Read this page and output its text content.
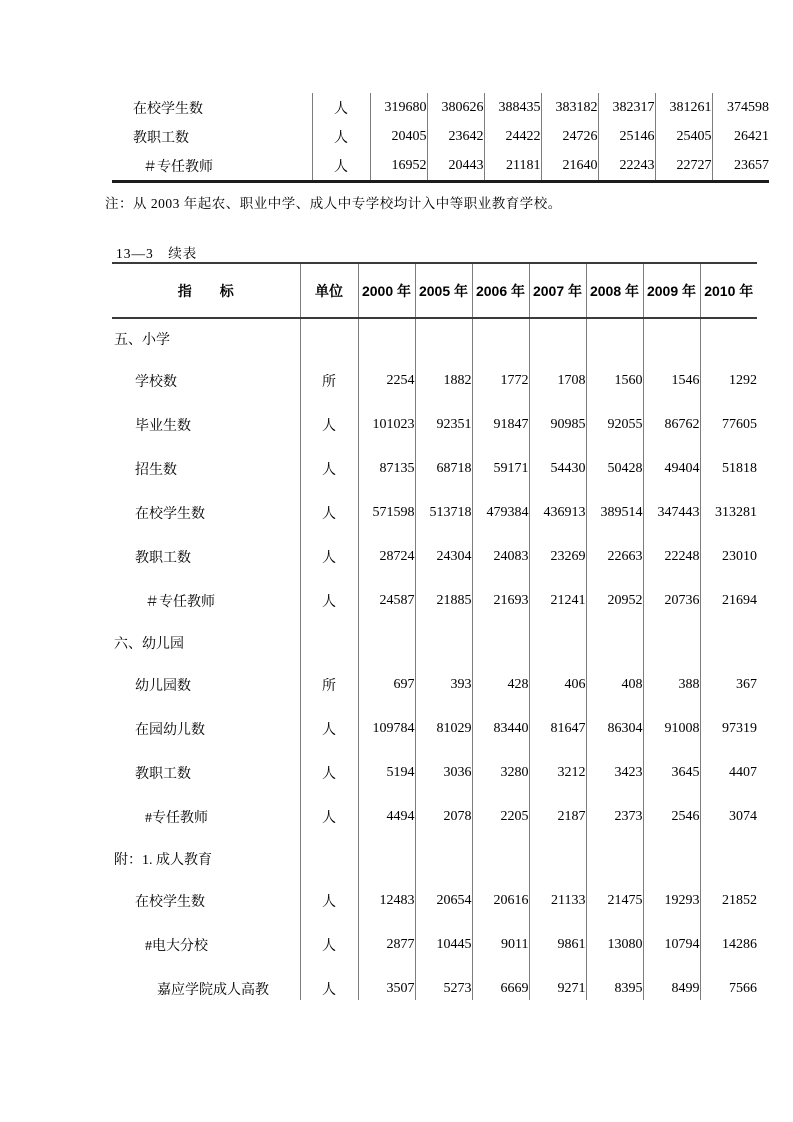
在校学生数	人	319680	380626	388435	383182	382317	381261	374598
教职工数	人	20405	23642	24422	24726	25146	25405	26421
＃专任教师	人	16952	20443	21181	21640	22243	22727	23657
注：从 2003 年起农、职业中学、成人中专学校均计入中等职业教育学校。
13—3　续表
指　　标	单位	2000 年	2005 年	2006 年	2007 年	2008 年	2009 年	2010 年
五、小学								
学校数	所	2254	1882	1772	1708	1560	1546	1292
毕业生数	人	101023	92351	91847	90985	92055	86762	77605
招生数	人	87135	68718	59171	54430	50428	49404	51818
在校学生数	人	571598	513718	479384	436913	389514	347443	313281
教职工数	人	28724	24304	24083	23269	22663	22248	23010
＃专任教师	人	24587	21885	21693	21241	20952	20736	21694
六、幼儿园								
幼儿园数	所	697	393	428	406	408	388	367
在园幼儿数	人	109784	81029	83440	81647	86304	91008	97319
教职工数	人	5194	3036	3280	3212	3423	3645	4407
#专任教师	人	4494	2078	2205	2187	2373	2546	3074
附：1. 成人教育								
在校学生数	人	12483	20654	20616	21133	21475	19293	21852
#电大分校	人	2877	10445	9011	9861	13080	10794	14286
嘉应学院成人高教	人	3507	5273	6669	9271	8395	8499	7566
